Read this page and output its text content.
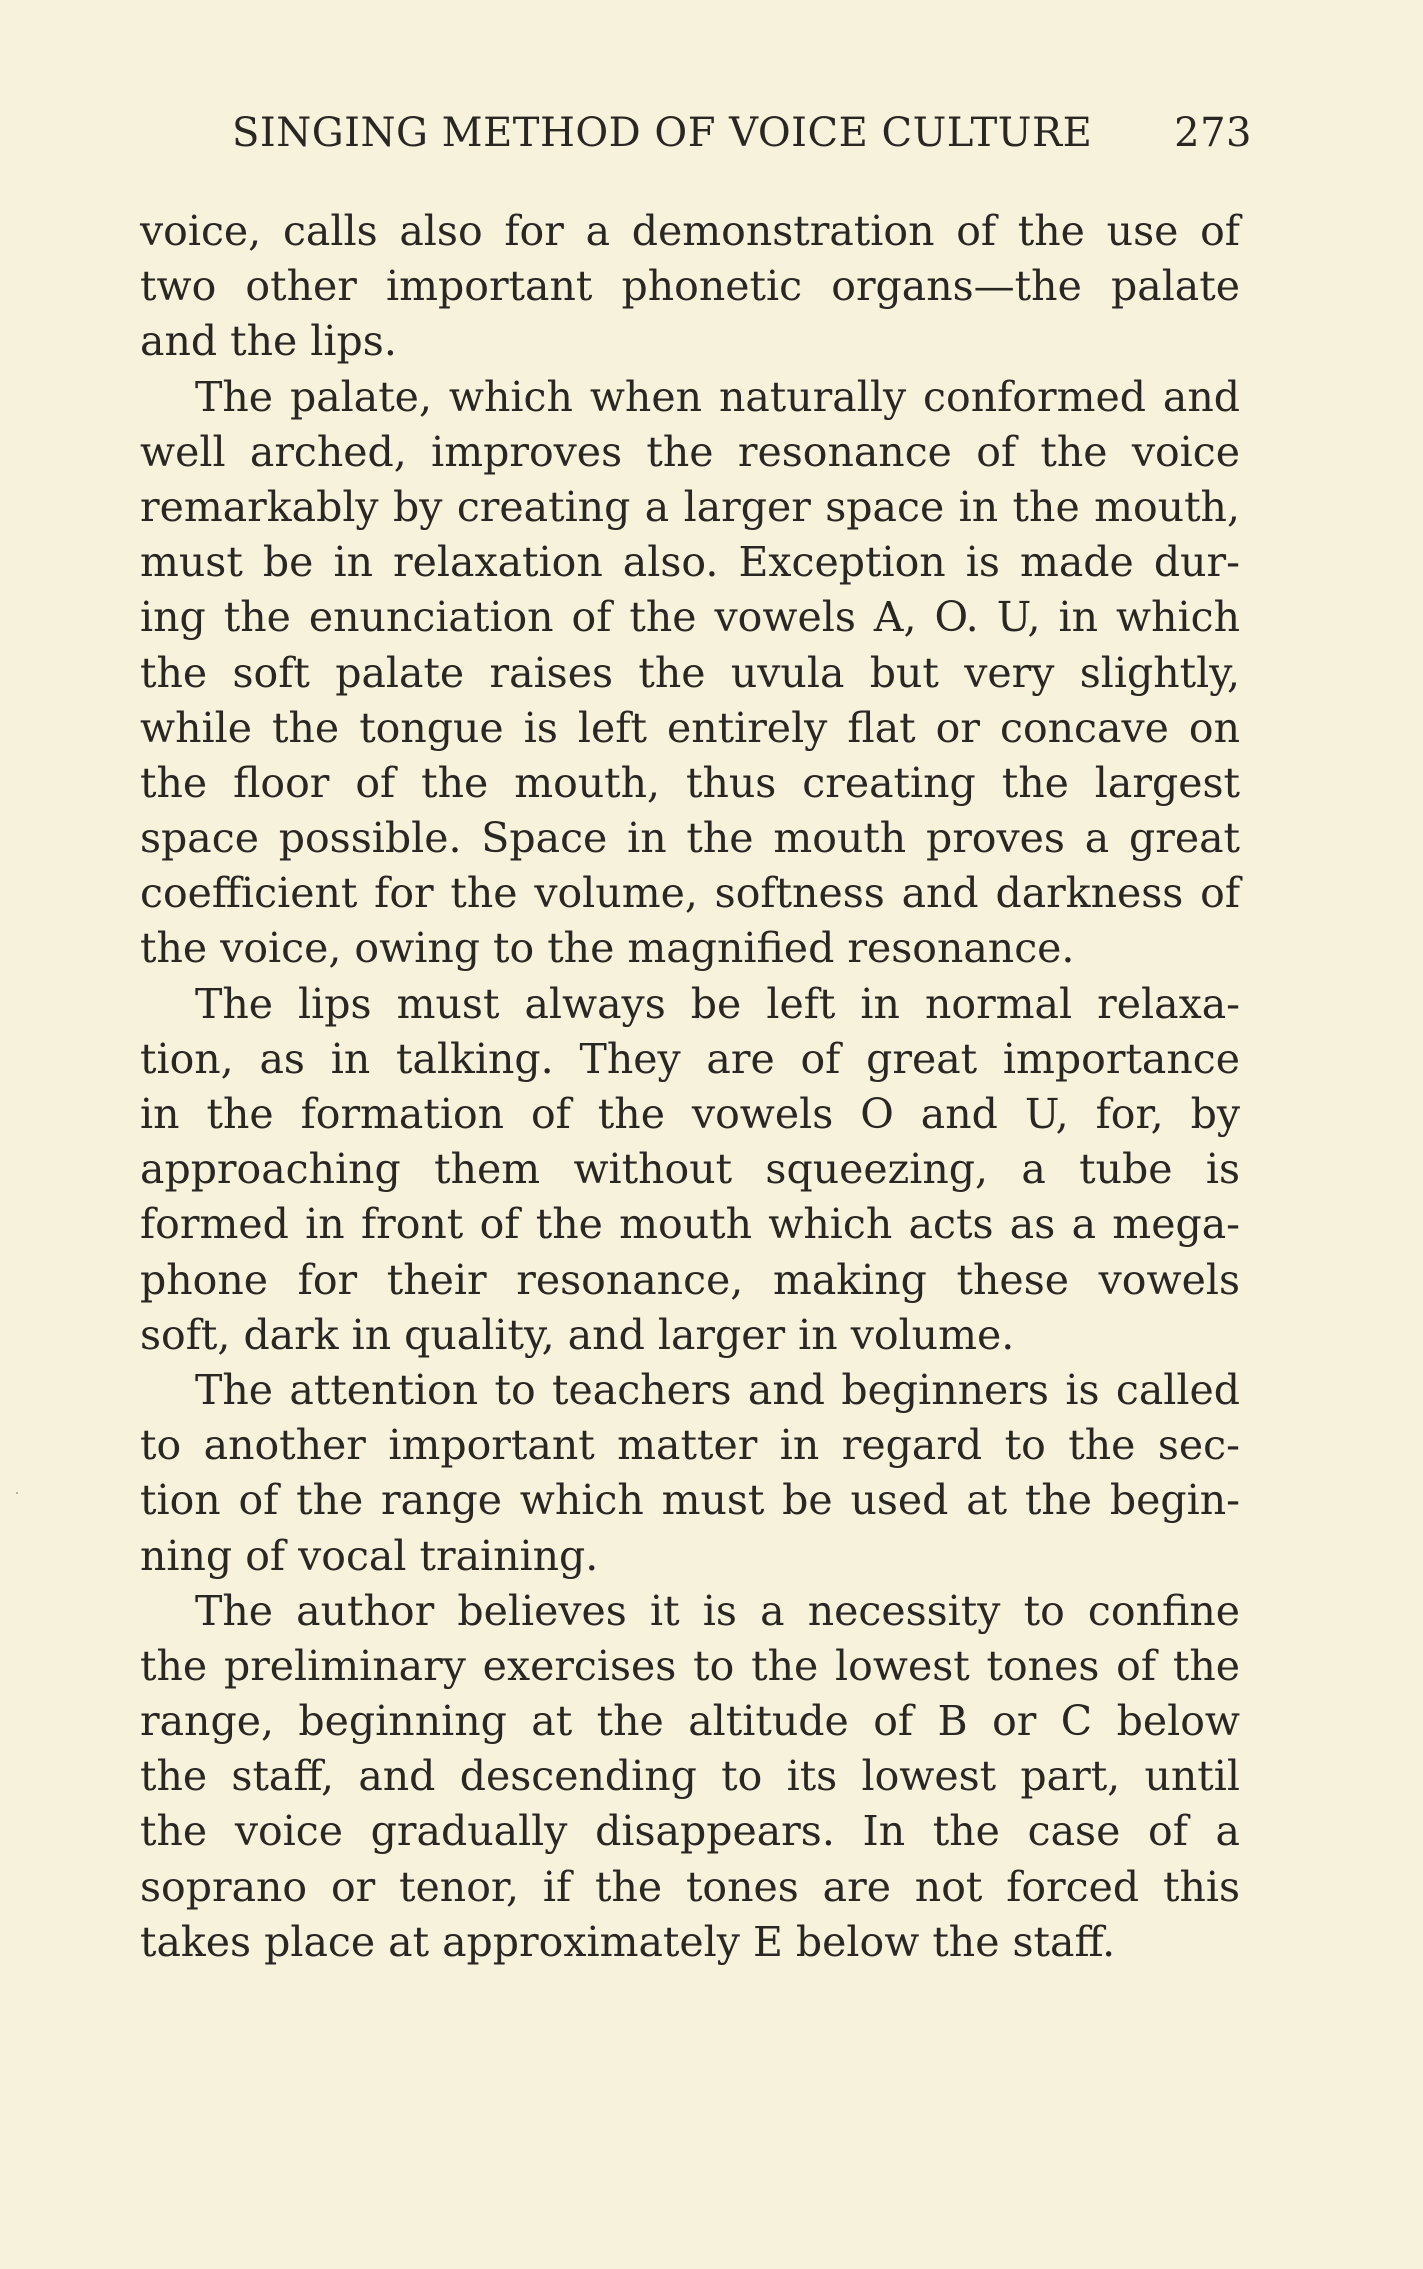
SINGING METHOD OF VOICE CULTURE 273
voice, calls also for a demonstration of the use of
two other important phonetic organs—the palate
and the lips.
The palate, which when naturally conformed and
well arched, improves the resonance of the voice
remarkably by creating a larger space in the mouth,
must be in relaxation also. Exception is made dur-
ing the enunciation of the vowels A, O. U, in which
the soft palate raises the uvula but very slightly,
while the tongue is left entirely flat or concave on
the floor of the mouth, thus creating the largest
space possible. Space in the mouth proves a great
coefficient for the volume, softness and darkness of
the voice, owing to the magnified resonance.
The lips must always be left in normal relaxa-
tion, as in talking. They are of great importance
in the formation of the vowels O and U, for, by
approaching them without squeezing, a tube is
formed in front of the mouth which acts as a mega-
phone for their resonance, making these vowels
soft, dark in quality, and larger in volume.
The attention to teachers and beginners is called
to another important matter in regard to the sec-
tion of the range which must be used at the begin-
ning of vocal training.
The author believes it is a necessity to confine
the preliminary exercises to the lowest tones of the
range, beginning at the altitude of B or C below
the staff, and descending to its lowest part, until
the voice gradually disappears. In the case of a
soprano or tenor, if the tones are not forced this
takes place at approximately E below the staff.
